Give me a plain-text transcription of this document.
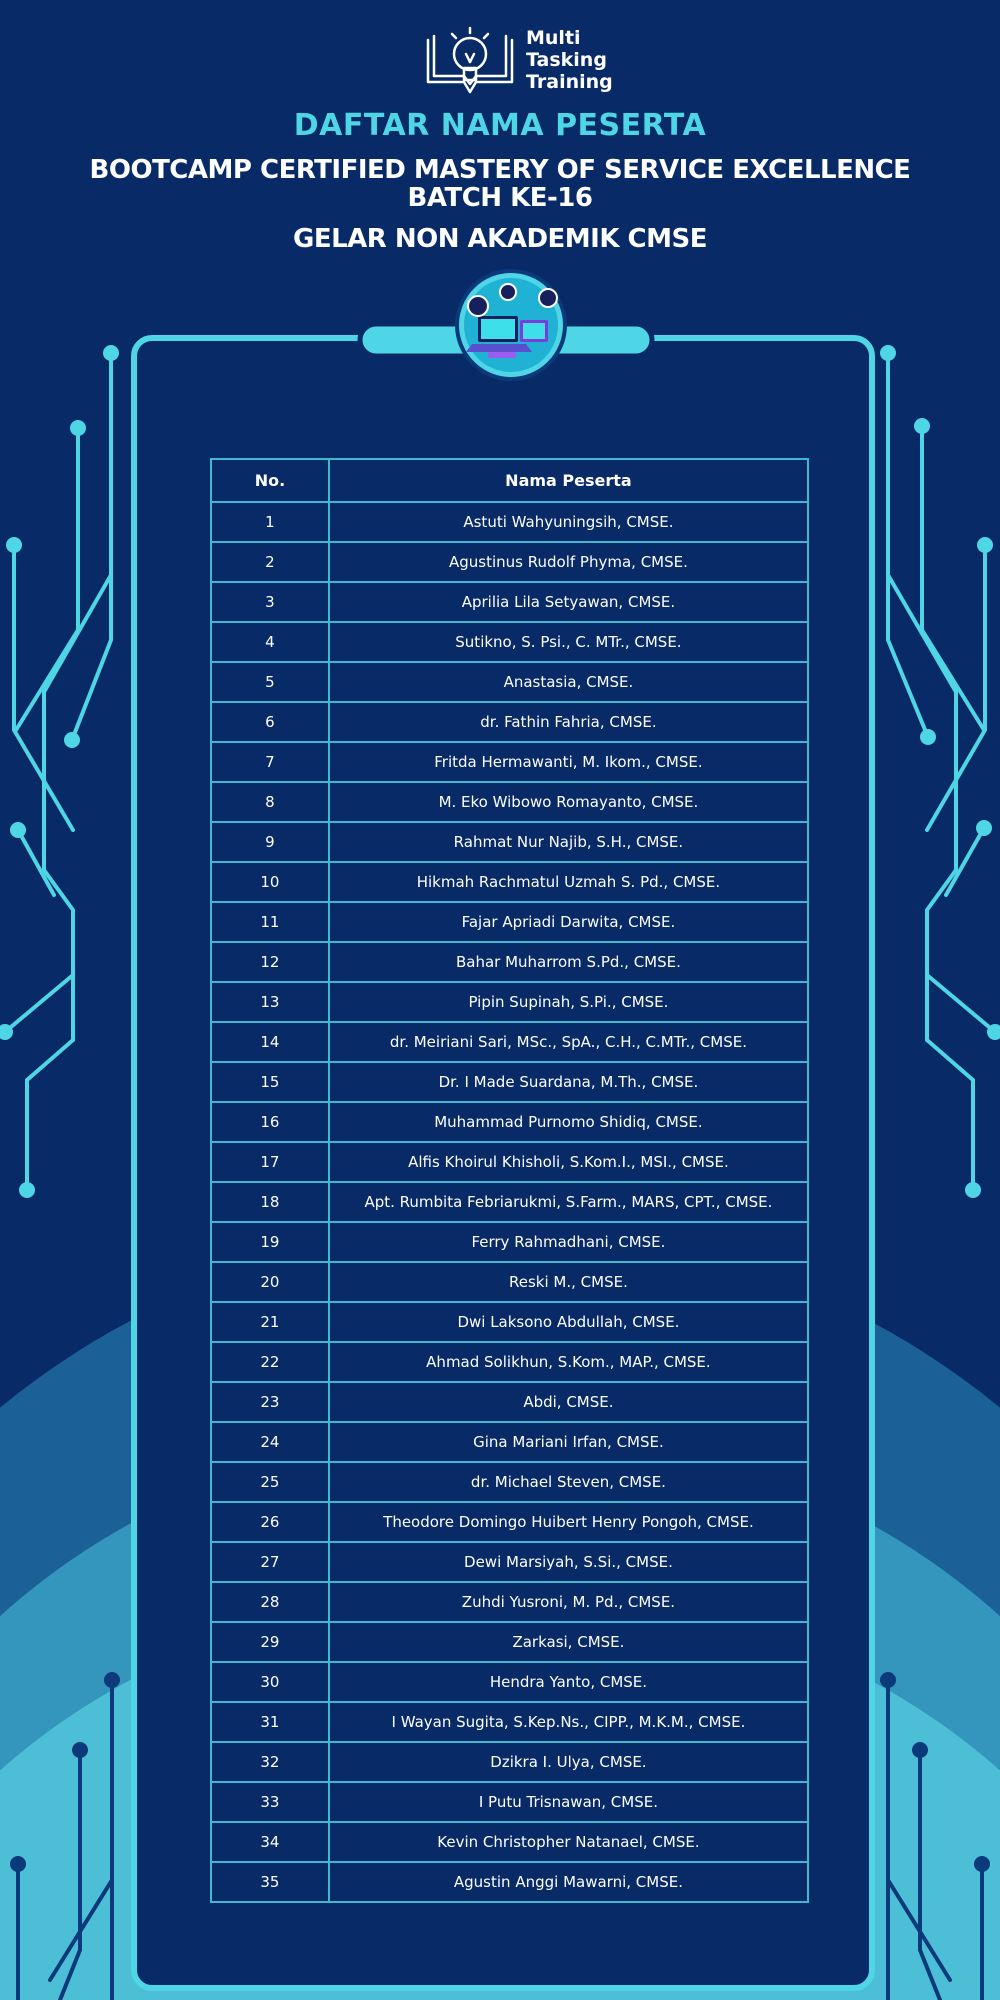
Multi
Tasking
Training
DAFTAR NAMA PESERTA
BOOTCAMP CERTIFIED MASTERY OF SERVICE EXCELLENCE
BATCH KE-16
GELAR NON AKADEMIK CMSE
No.	Nama Peserta
1	Astuti Wahyuningsih, CMSE.
2	Agustinus Rudolf Phyma, CMSE.
3	Aprilia Lila Setyawan, CMSE.
4	Sutikno, S. Psi., C. MTr., CMSE.
5	Anastasia, CMSE.
6	dr. Fathin Fahria, CMSE.
7	Fritda Hermawanti, M. Ikom., CMSE.
8	M. Eko Wibowo Romayanto, CMSE.
9	Rahmat Nur Najib, S.H., CMSE.
10	Hikmah Rachmatul Uzmah S. Pd., CMSE.
11	Fajar Apriadi Darwita, CMSE.
12	Bahar Muharrom S.Pd., CMSE.
13	Pipin Supinah, S.Pi., CMSE.
14	dr. Meiriani Sari, MSc., SpA., C.H., C.MTr., CMSE.
15	Dr. I Made Suardana, M.Th., CMSE.
16	Muhammad Purnomo Shidiq, CMSE.
17	Alfis Khoirul Khisholi, S.Kom.I., MSI., CMSE.
18	Apt. Rumbita Febriarukmi, S.Farm., MARS, CPT., CMSE.
19	Ferry Rahmadhani, CMSE.
20	Reski M., CMSE.
21	Dwi Laksono Abdullah, CMSE.
22	Ahmad Solikhun, S.Kom., MAP., CMSE.
23	Abdi, CMSE.
24	Gina Mariani Irfan, CMSE.
25	dr. Michael Steven, CMSE.
26	Theodore Domingo Huibert Henry Pongoh, CMSE.
27	Dewi Marsiyah, S.Si., CMSE.
28	Zuhdi Yusroni, M. Pd., CMSE.
29	Zarkasi, CMSE.
30	Hendra Yanto, CMSE.
31	I Wayan Sugita, S.Kep.Ns., CIPP., M.K.M., CMSE.
32	Dzikra I. Ulya, CMSE.
33	I Putu Trisnawan, CMSE.
34	Kevin Christopher Natanael, CMSE.
35	Agustin Anggi Mawarni, CMSE.
